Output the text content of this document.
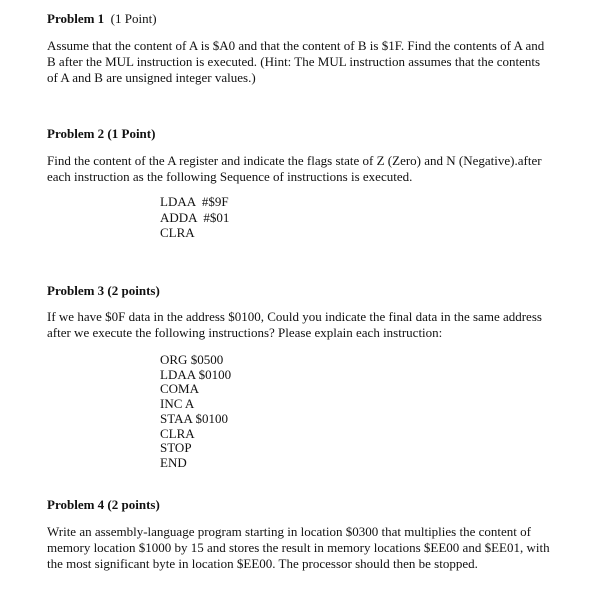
Problem 1 (1 Point)
Assume that the content of A is $A0 and that the content of B is $1F. Find the contents of A and
B after the MUL instruction is executed. (Hint: The MUL instruction assumes that the contents
of A and B are unsigned integer values.)
Problem 2 (1 Point)
Find the content of the A register and indicate the flags state of Z (Zero) and N (Negative).after
each instruction as the following Sequence of instructions is executed.
LDAA  #$9F
ADDA  #$01
CLRA
Problem 3 (2 points)
If we have $0F data in the address $0100, Could you indicate the final data in the same address
after we execute the following instructions? Please explain each instruction:
ORG $0500
LDAA $0100
COMA
INC A
STAA $0100
CLRA
STOP
END
Problem 4 (2 points)
Write an assembly-language program starting in location $0300 that multiplies the content of
memory location $1000 by 15 and stores the result in memory locations $EE00 and $EE01, with
the most significant byte in location $EE00. The processor should then be stopped.
